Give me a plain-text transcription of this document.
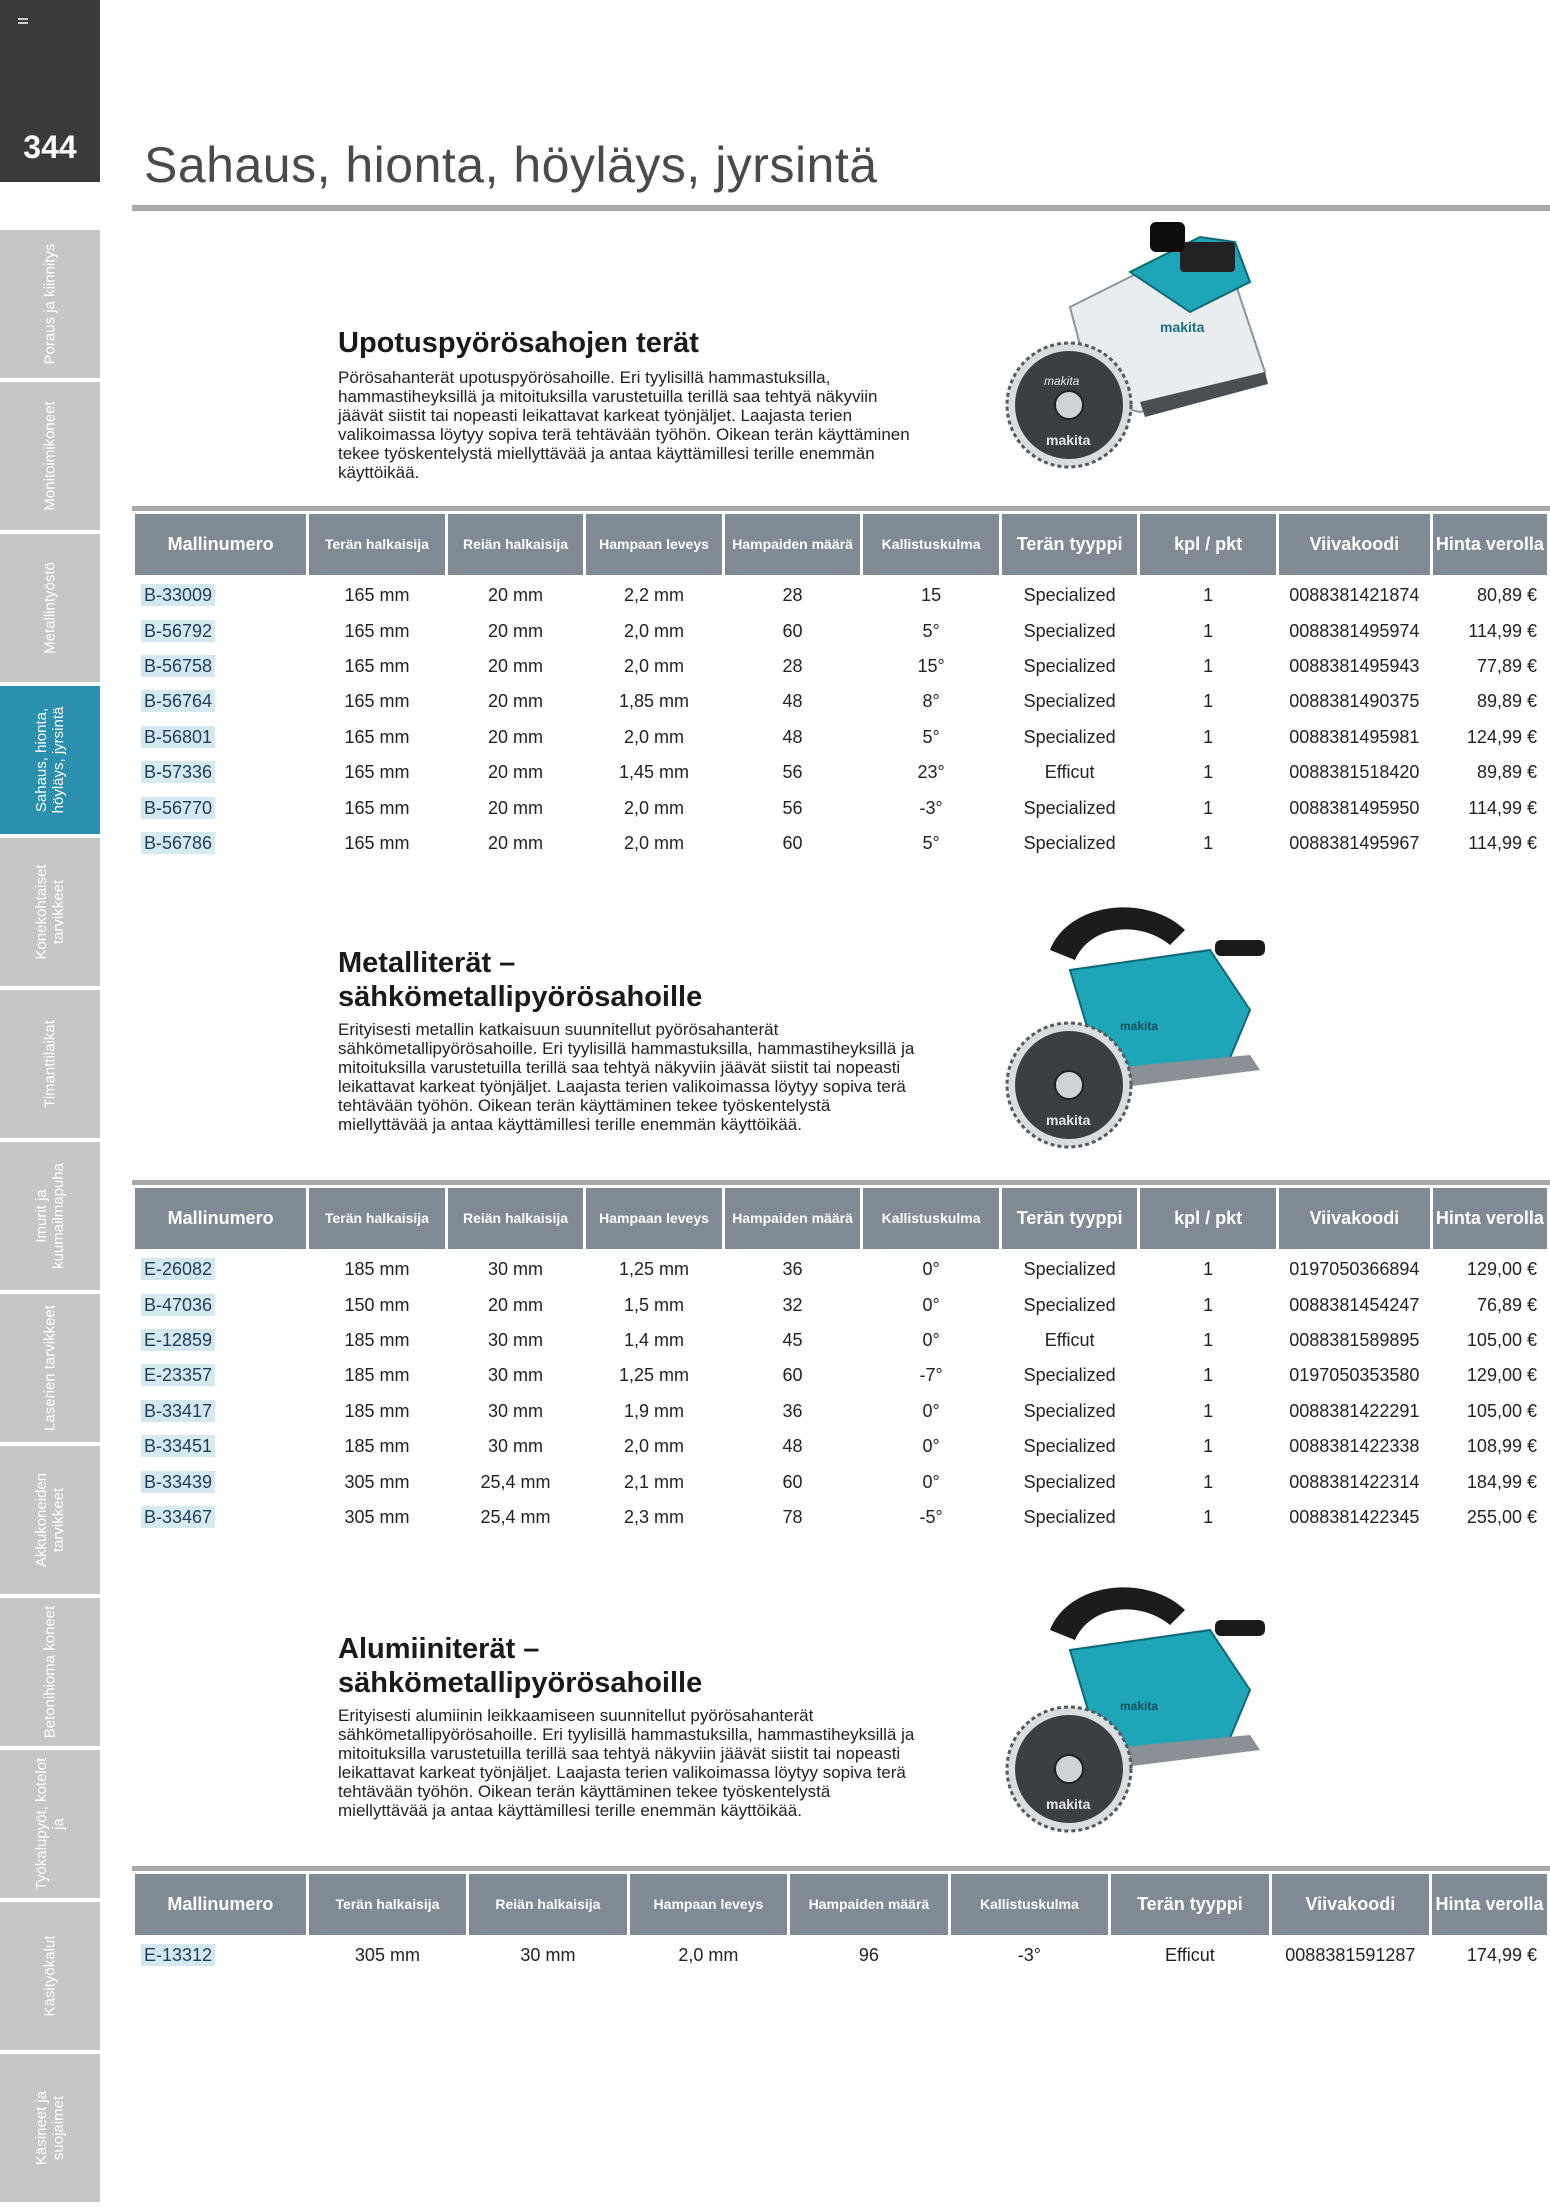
344
Poraus ja kiinnitys
Monitoimikoneet
Metallintyöstö
Sahaus, hionta, höyläys, jyrsintä
Konekohtaiset tarvikkeet
Timanttilaikat
Imurit ja kuumailmapuha
Laserien tarvikkeet
Akkukoneiden tarvikkeet
Betonihioma koneet
Työkalupyöt, kotelot ja
Käsityökalut
Käsineet ja suojaimet
Sahaus, hionta, höyläys, jyrsintä
Upotuspyörösahojen terät
Pörösahanterät upotuspyörösahoille. Eri tyylisillä hammastuksilla, hammastiheyksillä ja mitoituksilla varustetuilla terillä saa tehtyä näkyviin jäävät siistit tai nopeasti leikattavat karkeat työnjäljet. Laajasta terien valikoimassa löytyy sopiva terä tehtävään työhön. Oikean terän käyttäminen tekee työskentelystä miellyttävää ja antaa käyttämillesi terille enemmän käyttöikää.
makita
makita
makita
Mallinumero	Terän halkaisija	Reiän halkaisija	Hampaan leveys	Hampaiden määrä	Kallistuskulma	Terän tyyppi	kpl / pkt	Viivakoodi	Hinta verolla
B-33009	165 mm	20 mm	2,2 mm	28	15	Specialized	1	0088381421874	80,89 €
B-56792	165 mm	20 mm	2,0 mm	60	5°	Specialized	1	0088381495974	114,99 €
B-56758	165 mm	20 mm	2,0 mm	28	15°	Specialized	1	0088381495943	77,89 €
B-56764	165 mm	20 mm	1,85 mm	48	8°	Specialized	1	0088381490375	89,89 €
B-56801	165 mm	20 mm	2,0 mm	48	5°	Specialized	1	0088381495981	124,99 €
B-57336	165 mm	20 mm	1,45 mm	56	23°	Efficut	1	0088381518420	89,89 €
B-56770	165 mm	20 mm	2,0 mm	56	-3°	Specialized	1	0088381495950	114,99 €
B-56786	165 mm	20 mm	2,0 mm	60	5°	Specialized	1	0088381495967	114,99 €
Metalliterät –
sähkömetallipyörösahoille
Erityisesti metallin katkaisuun suunnitellut pyörösahanterät sähkömetallipyörösahoille. Eri tyylisillä hammastuksilla, hammastiheyksillä ja mitoituksilla varustetuilla terillä saa tehtyä näkyviin jäävät siistit tai nopeasti leikattavat karkeat työnjäljet. Laajasta terien valikoimassa löytyy sopiva terä tehtävään työhön. Oikean terän käyttäminen tekee työskentelystä miellyttävää ja antaa käyttämillesi terille enemmän käyttöikää.
makita
makita
Mallinumero	Terän halkaisija	Reiän halkaisija	Hampaan leveys	Hampaiden määrä	Kallistuskulma	Terän tyyppi	kpl / pkt	Viivakoodi	Hinta verolla
E-26082	185 mm	30 mm	1,25 mm	36	0°	Specialized	1	0197050366894	129,00 €
B-47036	150 mm	20 mm	1,5 mm	32	0°	Specialized	1	0088381454247	76,89 €
E-12859	185 mm	30 mm	1,4 mm	45	0°	Efficut	1	0088381589895	105,00 €
E-23357	185 mm	30 mm	1,25 mm	60	-7°	Specialized	1	0197050353580	129,00 €
B-33417	185 mm	30 mm	1,9 mm	36	0°	Specialized	1	0088381422291	105,00 €
B-33451	185 mm	30 mm	2,0 mm	48	0°	Specialized	1	0088381422338	108,99 €
B-33439	305 mm	25,4 mm	2,1 mm	60	0°	Specialized	1	0088381422314	184,99 €
B-33467	305 mm	25,4 mm	2,3 mm	78	-5°	Specialized	1	0088381422345	255,00 €
Alumiiniterät –
sähkömetallipyörösahoille
Erityisesti alumiinin leikkaamiseen suunnitellut pyörösahanterät sähkömetallipyörösahoille. Eri tyylisillä hammastuksilla, hammastiheyksillä ja mitoituksilla varustetuilla terillä saa tehtyä näkyviin jäävät siistit tai nopeasti leikattavat karkeat työnjäljet. Laajasta terien valikoimassa löytyy sopiva terä tehtävään työhön. Oikean terän käyttäminen tekee työskentelystä miellyttävää ja antaa käyttämillesi terille enemmän käyttöikää.
makita
makita
Mallinumero	Terän halkaisija	Reiän halkaisija	Hampaan leveys	Hampaiden määrä	Kallistuskulma	Terän tyyppi	Viivakoodi	Hinta verolla
E-13312	305 mm	30 mm	2,0 mm	96	-3°	Efficut	0088381591287	174,99 €
